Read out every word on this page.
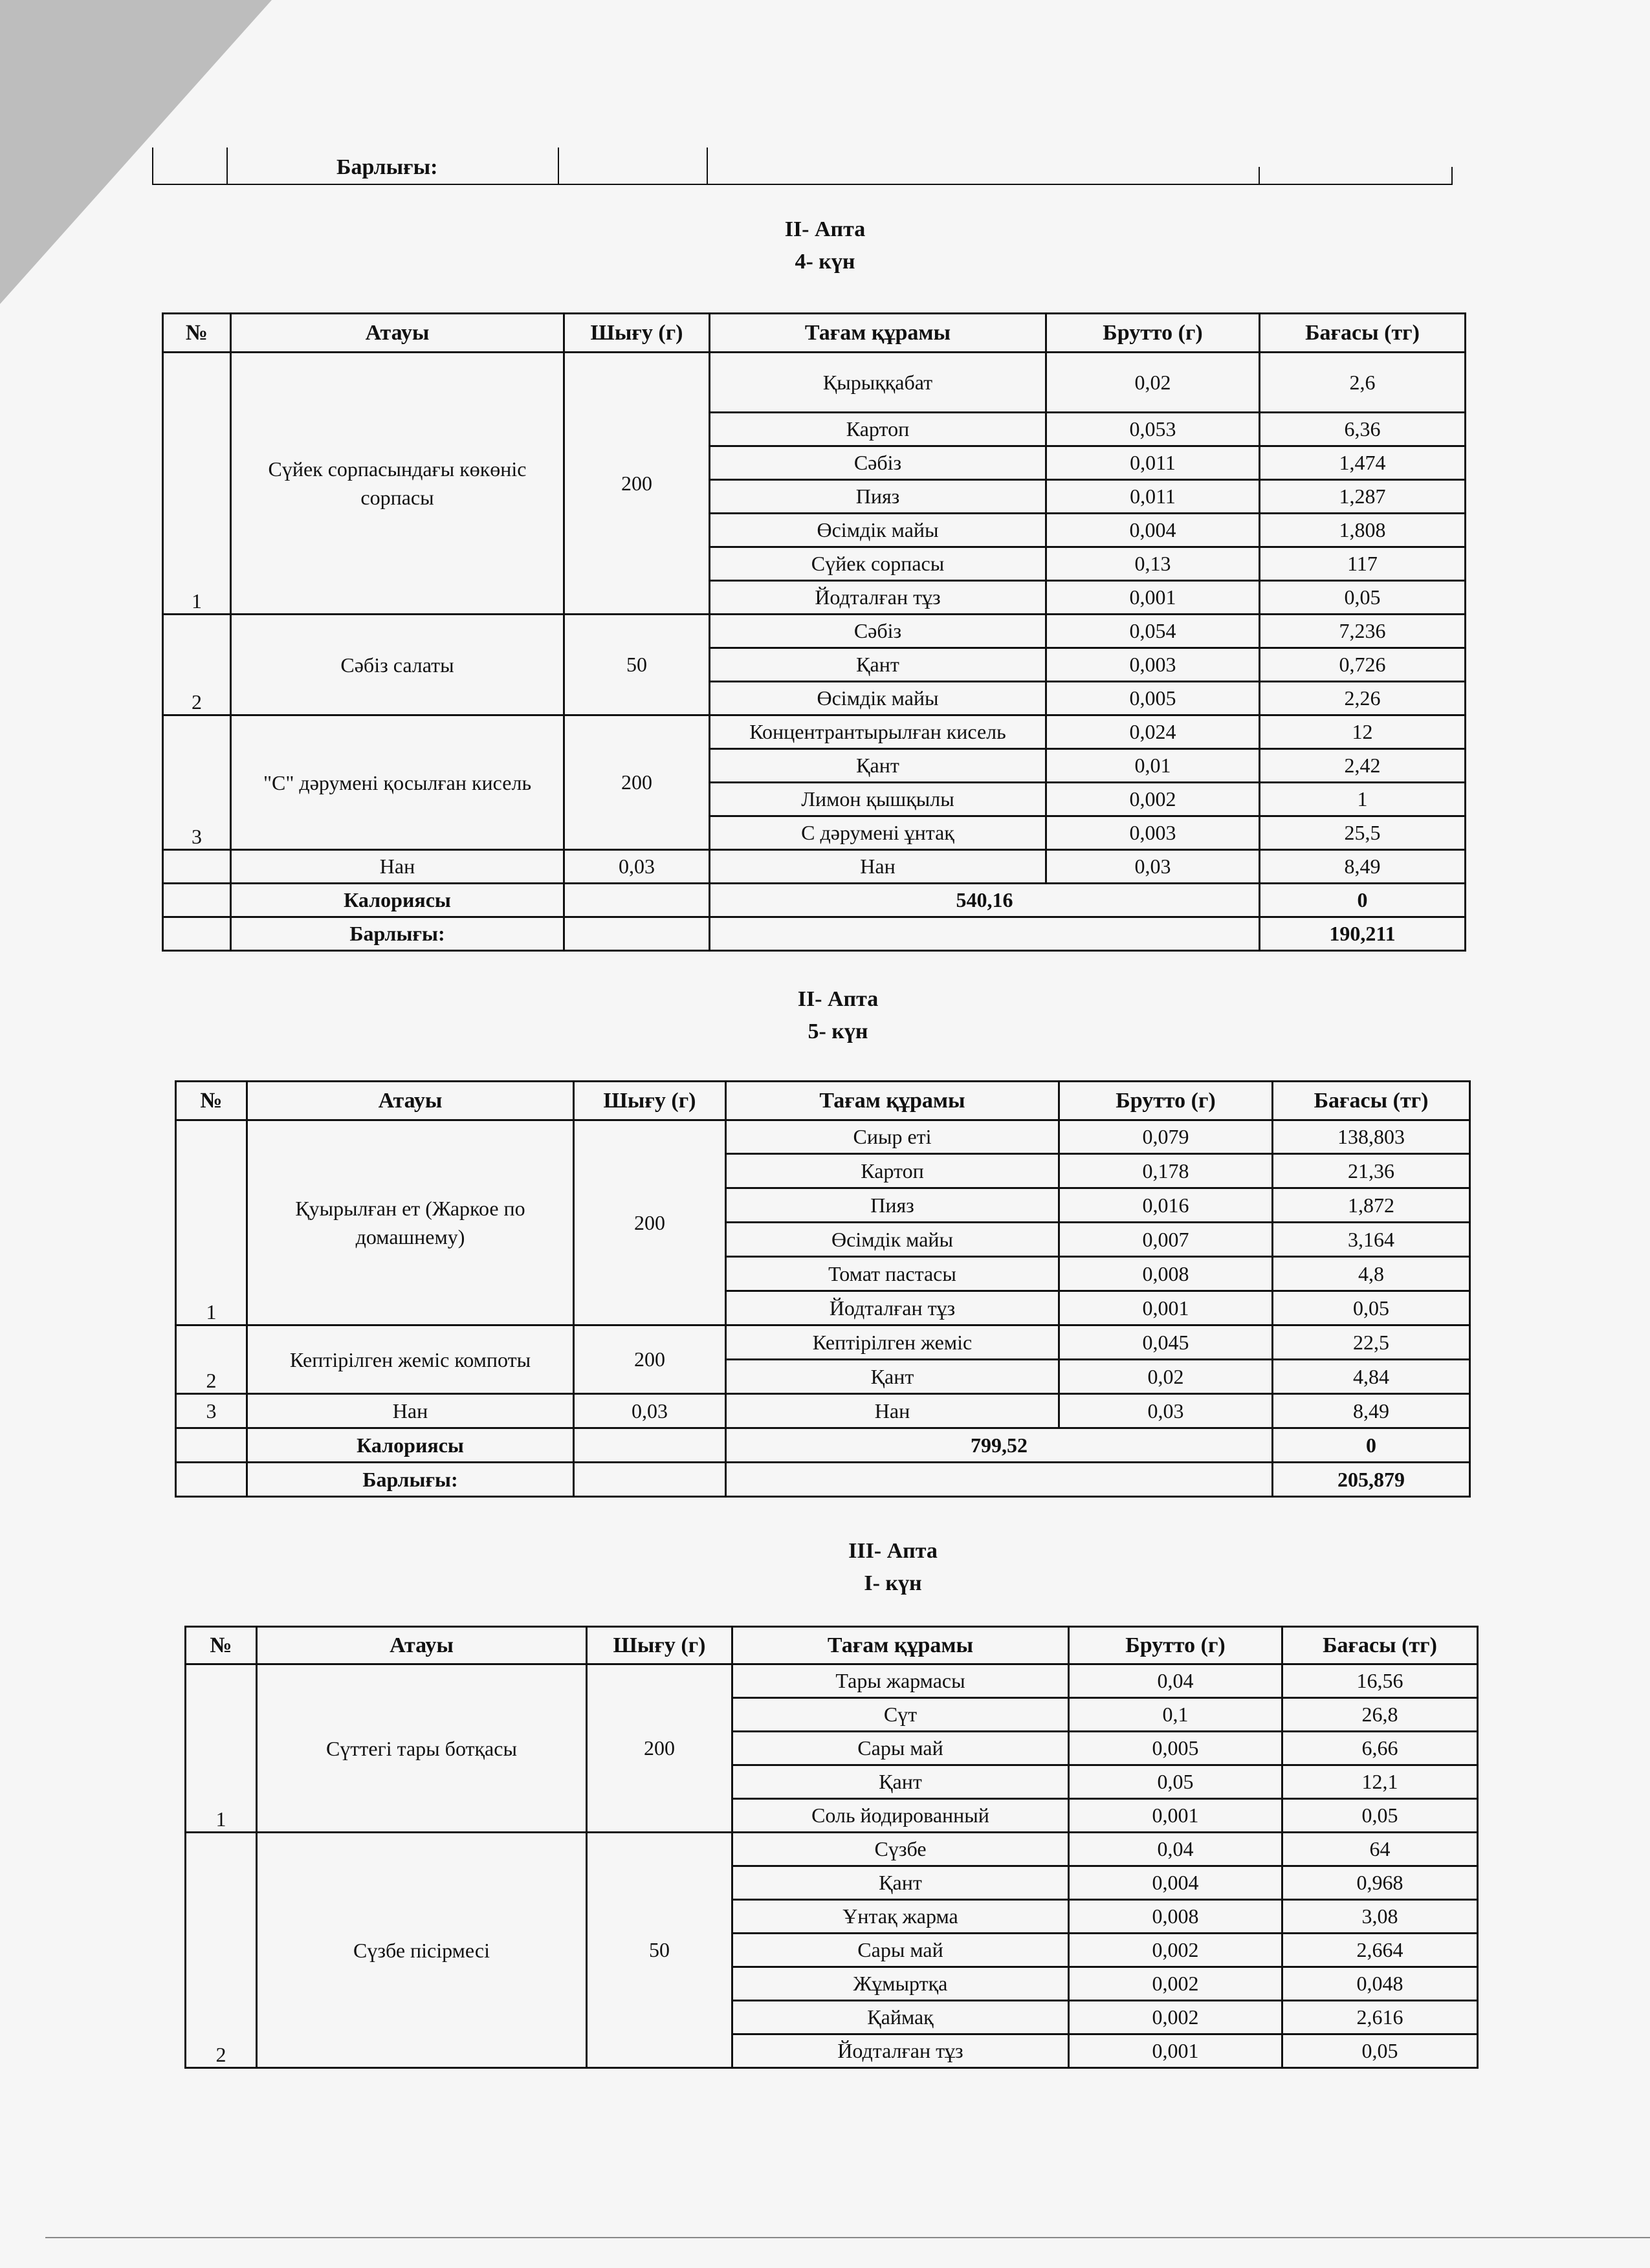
Барлығы:
II- Апта
4- күн
№	Атауы	Шығу (г)	Тағам құрамы	Брутто (г)	Бағасы (тг)
1	Сүйек сорпасындағы көкөніс сорпасы	200	Қырыққабат	0,02	2,6
			Картоп	0,053	6,36
			Сәбіз	0,011	1,474
			Пияз	0,011	1,287
			Өсімдік майы	0,004	1,808
			Сүйек сорпасы	0,13	117
			Йодталған тұз	0,001	0,05
2	Сәбіз салаты	50	Сәбіз	0,054	7,236
			Қант	0,003	0,726
			Өсімдік майы	0,005	2,26
3	"С" дәрумені қосылған кисель	200	Концентрантырылған кисель	0,024	12
			Қант	0,01	2,42
			Лимон қышқылы	0,002	1
			С дәрумені ұнтақ	0,003	25,5
	Нан	0,03	Нан	0,03	8,49
	Калориясы		540,16		0
	Барлығы:				190,211
II- Апта
5- күн
№	Атауы	Шығу (г)	Тағам құрамы	Брутто (г)	Бағасы (тг)
1	Қуырылған ет (Жаркое по домашнему)	200	Сиыр еті	0,079	138,803
			Картоп	0,178	21,36
			Пияз	0,016	1,872
			Өсімдік майы	0,007	3,164
			Томат пастасы	0,008	4,8
			Йодталған тұз	0,001	0,05
2	Кептірілген жеміс компоты	200	Кептірілген жеміс	0,045	22,5
			Қант	0,02	4,84
3	Нан	0,03	Нан	0,03	8,49
	Калориясы		799,52		0
	Барлығы:				205,879
III- Апта
I- күн
№	Атауы	Шығу (г)	Тағам құрамы	Брутто (г)	Бағасы (тг)
1	Сүттегі тары ботқасы	200	Тары жармасы	0,04	16,56
			Сүт	0,1	26,8
			Сары май	0,005	6,66
			Қант	0,05	12,1
			Соль йодированный	0,001	0,05
2	Сүзбе пісірмесі	50	Сүзбе	0,04	64
			Қант	0,004	0,968
			Ұнтақ жарма	0,008	3,08
			Сары май	0,002	2,664
			Жұмыртқа	0,002	0,048
			Қаймақ	0,002	2,616
			Йодталған тұз	0,001	0,05
